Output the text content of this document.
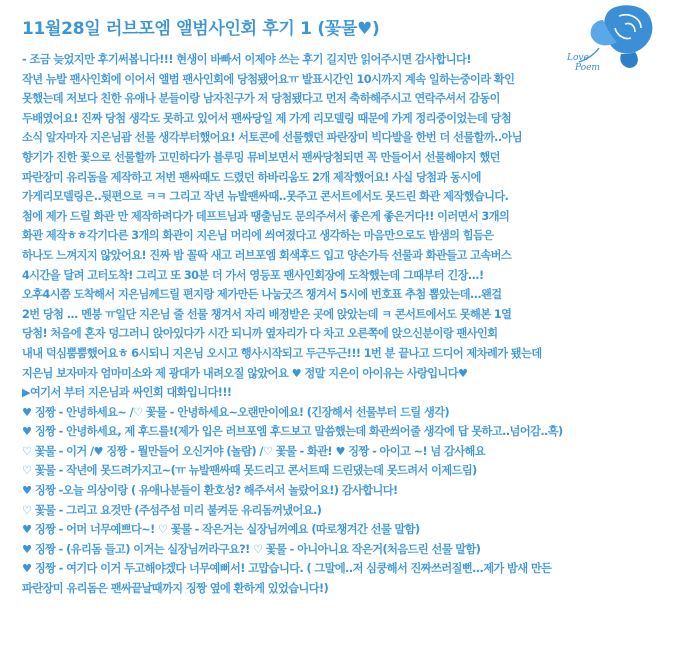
11월28일 러브포엠 앨범사인회 후기 1 (꽃물♥)
Love
Poem
- 조금 늦었지만 후기써봅니다!!! 현생이 바빠서 이제야 쓰는 후기 길지만 읽어주시면 감사합니다!
작년 뉴발 팬사인회에 이어서 앨범 팬사인회에 당첨됐어요ㅠ 발표시간인 10시까지 계속 일하는중이라 확인
못했는데 저보다 친한 유애나 분들이랑 남자친구가 저 당첨됐다고 먼저 축하해주시고 연락주셔서 감동이
두배였어요! 진짜 당첨 생각도 못하고 있어서 팬싸당일 제 가게 리모델링 때문에 가게 정리중이었는데 당첨
소식 알자마자 지은님괌 선물 생각부터했어요! 서토콘에 선물했던 파란장미 빅다발을 한번 더 선물할까..아님
향기가 진한 꽃으로 선물할까 고민하다가 블루밍 뮤비보면서 팬싸당첨되면 꼭 만들어서 선물해야지 했던
파란장미 유리돔을 제작하고 저번 팬싸때도 드렸던 하바리움도 2개 제작했어요! 사실 당첨과 동시에
가게리모델링은..뒷편으로 ㅋㅋ 그리고 작년 뉴발팬싸때..못주고 콘서트에서도 못드린 화관 제작했습니다.
첨에 제가 드릴 화관 만 제작하려다가 데프트님과 땡출님도 문의주셔서 좋은게 좋은거다!! 이러면서 3개의
화관 제작ㅎㅎ각기다른 3개의 화관이 지은님 머리에 씌여졌다고 생각하는 마음만으로도 밤샘의 힘듬은
하나도 느껴지지 않았어요! 진짜 밤 꼴딱 새고 러브포엠 회색후드 입고 양손가득 선물과 화관들고 고속버스
4시간을 달려 고터도착! 그리고 또 30분 더 가서 영등포 팬사인회장에 도착했는데 그때부터 긴장...!
오후4시쯤 도착해서 지은님께드릴 편지랑 제가만든 나눔굿즈 챙겨서 5시에 번호표 추첨 뽑았는데...왠걸
2번 당첨 ... 멘붕 ㅠ일단 지은님 줄 선물 챙겨서 자리 배정받은 곳에 앉았는데 ㅋ 콘서트에서도 못해본 1열
당첨! 처음에 혼자 덩그러니 앉아있다가 시간 되니까 옆자리가 다 차고 오른쪽에 앉으신분이랑 팬사인회
내내 덕심뿜뿜했어요ㅎ 6시되니 지은님 오시고 행사시작되고 두근두근!!! 1번 분 끝나고 드디어 제차례가 됐는데
지은님 보자마자 엄마미소와 제 광대가 내려오질 않았어요 ♥ 정말 지은이 아이유는 사랑입니다♥
▶여기서 부터 지은님과 싸인회 대화입니다!!!
♥ 징짱 - 안녕하세요~ /♡ 꽃물 - 안녕하세요~오랜만이에요! (긴장해서 선물부터 드릴 생각)
♥ 징짱 - 안녕하세요, 제 후드를!(제가 입은 러브포엠 후드보고 말씀했는데 화관씌어줄 생각에 답 못하고..넘어감..흑)
♡ 꽃물 - 이거 /♥ 징짱 - 뭘만들어 오신거야 (놀람) /♡ 꽃물 - 화관! ♥ 징짱 - 아이고 ~! 넘 감사해요
♡ 꽃물 - 작년에 못드려가지고~(ㅠ 뉴발팬싸때 못드리고 콘서트때 드린댔는데 못드려서 이제드림)
♥ 징짱 -오늘 의상이랑 ( 유애나분들이 환호성? 해주셔서 놀랐어요!) 감사합니다!
♡ 꽃물 - 그리고 요것만 (주섬주섬 미리 불켜둔 유리돔꺼냈어요.)
♥ 징짱 - 어머 너무예쁘다~! ♡ 꽃물 - 작은거는 실장님꺼예요 (따로챙겨간 선물 말함)
♥ 징짱 - (유리돔 들고) 이거는 실장님꺼라구요?! ♡ 꽃물 - 아니아니요 작은거(처음드린 선물 말함)
♥ 징짱 - 여기다 이거 두고해야겠다 너무예뻐서! 고맙습니다. ( 그말에..저 심쿵해서 진짜쓰러질뻔...제가 밤새 만든
파란장미 유리돔은 팬싸끝날때까지 징짱 옆에 환하게 있었습니다!)
